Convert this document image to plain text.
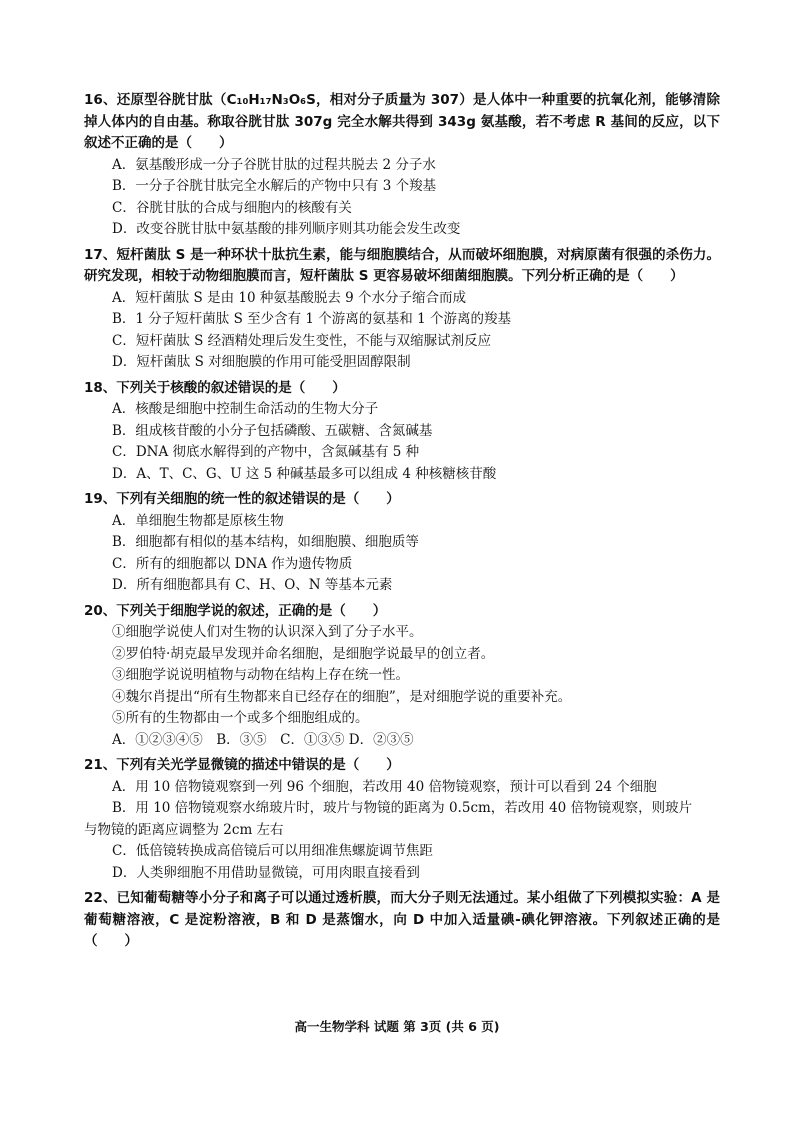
16、还原型谷胱甘肽（C₁₀H₁₇N₃O₆S，相对分子质量为 307）是人体中一种重要的抗氧化剂，能够清除掉人体内的自由基。称取谷胱甘肽 307g 完全水解共得到 343g 氨基酸，若不考虑 R 基间的反应，以下叙述不正确的是（　　）

A．氨基酸形成一分子谷胱甘肽的过程共脱去 2 分子水

B．一分子谷胱甘肽完全水解后的产物中只有 3 个羧基

C．谷胱甘肽的合成与细胞内的核酸有关

D．改变谷胱甘肽中氨基酸的排列顺序则其功能会发生改变

17、短杆菌肽 S 是一种环状十肽抗生素，能与细胞膜结合，从而破坏细胞膜，对病原菌有很强的杀伤力。研究发现，相较于动物细胞膜而言，短杆菌肽 S 更容易破坏细菌细胞膜。下列分析正确的是（　　）

A．短杆菌肽 S 是由 10 种氨基酸脱去 9 个水分子缩合而成

B．1 分子短杆菌肽 S 至少含有 1 个游离的氨基和 1 个游离的羧基

C．短杆菌肽 S 经酒精处理后发生变性，不能与双缩脲试剂反应

D．短杆菌肽 S 对细胞膜的作用可能受胆固醇限制

18、下列关于核酸的叙述错误的是（　　）

A．核酸是细胞中控制生命活动的生物大分子

B．组成核苷酸的小分子包括磷酸、五碳糖、含氮碱基

C．DNA 彻底水解得到的产物中，含氮碱基有 5 种

D．A、T、C、G、U 这 5 种碱基最多可以组成 4 种核糖核苷酸

19、下列有关细胞的统一性的叙述错误的是（　　）

A．单细胞生物都是原核生物

B．细胞都有相似的基本结构，如细胞膜、细胞质等

C．所有的细胞都以 DNA 作为遗传物质

D．所有细胞都具有 C、H、O、N 等基本元素

20、下列关于细胞学说的叙述，正确的是（　　）

①细胞学说使人们对生物的认识深入到了分子水平。

②罗伯特·胡克最早发现并命名细胞，是细胞学说最早的创立者。

③细胞学说说明植物与动物在结构上存在统一性。

④魏尔肖提出“所有生物都来自已经存在的细胞”，是对细胞学说的重要补充。

⑤所有的生物都由一个或多个细胞组成的。

A．①②③④⑤　B．③⑤　C．①③⑤ D．②③⑤

21、下列有关光学显微镜的描述中错误的是（　　）

A．用 10 倍物镜观察到一列 96 个细胞，若改用 40 倍物镜观察，预计可以看到 24 个细胞

B．用 10 倍物镜观察水绵玻片时，玻片与物镜的距离为 0.5cm，若改用 40 倍物镜观察，则玻片

与物镜的距离应调整为 2cm 左右

C．低倍镜转换成高倍镜后可以用细准焦螺旋调节焦距

D．人类卵细胞不用借助显微镜，可用肉眼直接看到

22、已知葡萄糖等小分子和离子可以通过透析膜，而大分子则无法通过。某小组做了下列模拟实验：A 是葡萄糖溶液，C 是淀粉溶液，B 和 D 是蒸馏水，向 D 中加入适量碘-碘化钾溶液。下列叙述正确的是（　　）

高一生物学科 试题 第 3页 (共 6 页)
